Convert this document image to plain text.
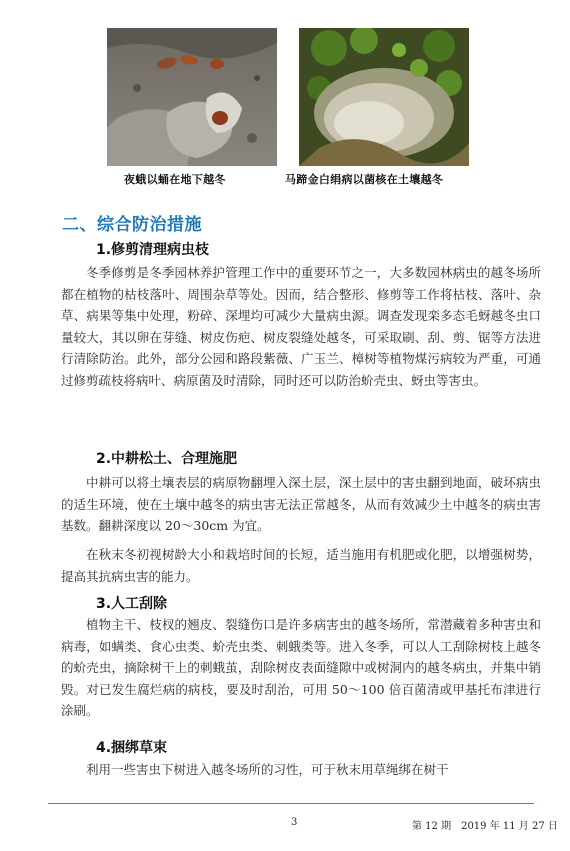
夜蛾以蛹在地下越冬	马蹄金白绢病以菌核在土壤越冬
二、综合防治措施
1.修剪清理病虫枝

冬季修剪是冬季园林养护管理工作中的重要环节之一，大多数园林病虫的越冬场所都在植物的枯枝落叶、周围杂草等处。因而，结合整形、修剪等工作将枯枝、落叶、杂草、病果等集中处理，粉碎、深埋均可减少大量病虫源。调查发现栾多态毛蚜越冬虫口量较大，其以卵在芽缝、树皮伤疤、树皮裂缝处越冬，可采取刷、刮、剪、锯等方法进行清除防治。此外，部分公园和路段紫薇、广玉兰、樟树等植物煤污病较为严重，可通过修剪疏枝将病叶、病原菌及时清除，同时还可以防治蚧壳虫、蚜虫等害虫。

2.中耕松土、合理施肥

中耕可以将土壤表层的病原物翻埋入深土层，深土层中的害虫翻到地面，破坏病虫的适生环境，使在土壤中越冬的病虫害无法正常越冬，从而有效减少土中越冬的病虫害基数。翻耕深度以 20～30cm 为宜。

在秋末冬初视树龄大小和栽培时间的长短，适当施用有机肥或化肥，以增强树势，提高其抗病虫害的能力。

3.人工刮除

植物主干、枝杈的翘皮、裂缝伤口是许多病害虫的越冬场所，常潜藏着多种害虫和病毒，如螨类、食心虫类、蚧壳虫类、刺蛾类等。进入冬季，可以人工刮除树枝上越冬的蚧壳虫，摘除树干上的刺蛾茧，刮除树皮表面缝隙中或树洞内的越冬病虫，并集中销毁。对已发生腐烂病的病枝，要及时刮治，可用 50～100 倍百菌清或甲基托布津进行涂刷。

4.捆绑草束

利用一些害虫下树进入越冬场所的习性，可于秋末用草绳绑在树干

3	第 12 期　2019 年 11 月 27 日
